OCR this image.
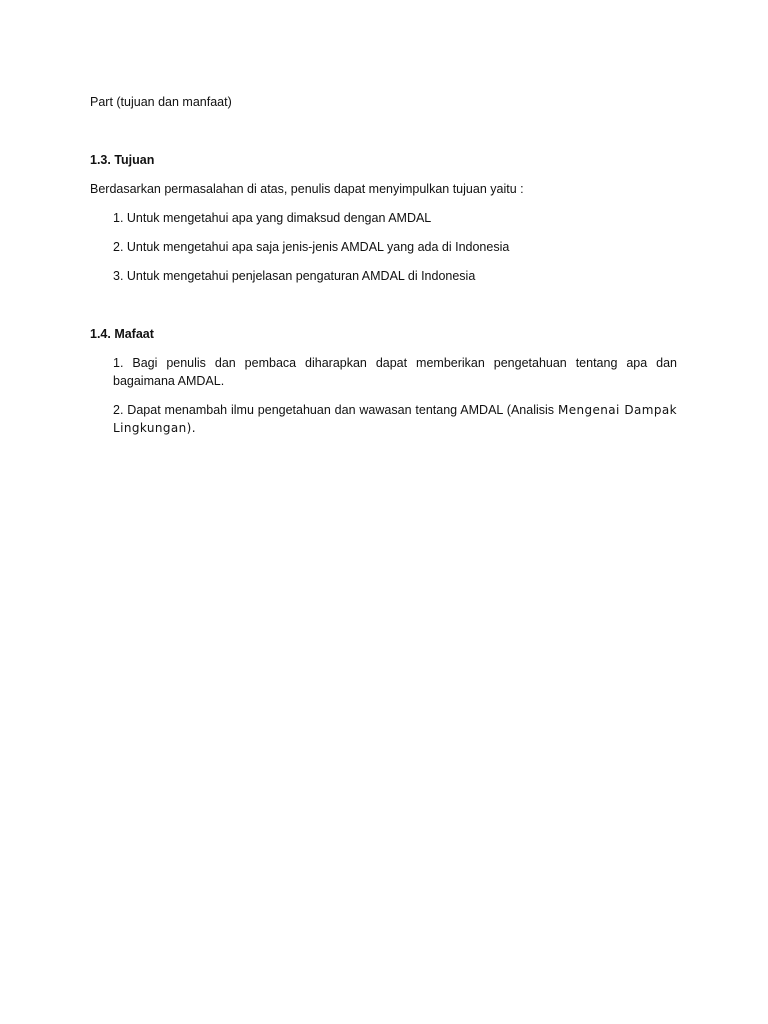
Part (tujuan dan manfaat)

1.3. Tujuan

Berdasarkan permasalahan di atas, penulis dapat menyimpulkan tujuan yaitu :

1. Untuk mengetahui apa yang dimaksud dengan AMDAL

2. Untuk mengetahui apa saja jenis-jenis AMDAL yang ada di Indonesia

3. Untuk mengetahui penjelasan pengaturan AMDAL di Indonesia

1.4. Mafaat

1. Bagi penulis dan pembaca diharapkan dapat memberikan pengetahuan tentang apa dan bagaimana AMDAL.

2. Dapat menambah ilmu pengetahuan dan wawasan tentang AMDAL (Analisis Mengenai Dampak Lingkungan).
